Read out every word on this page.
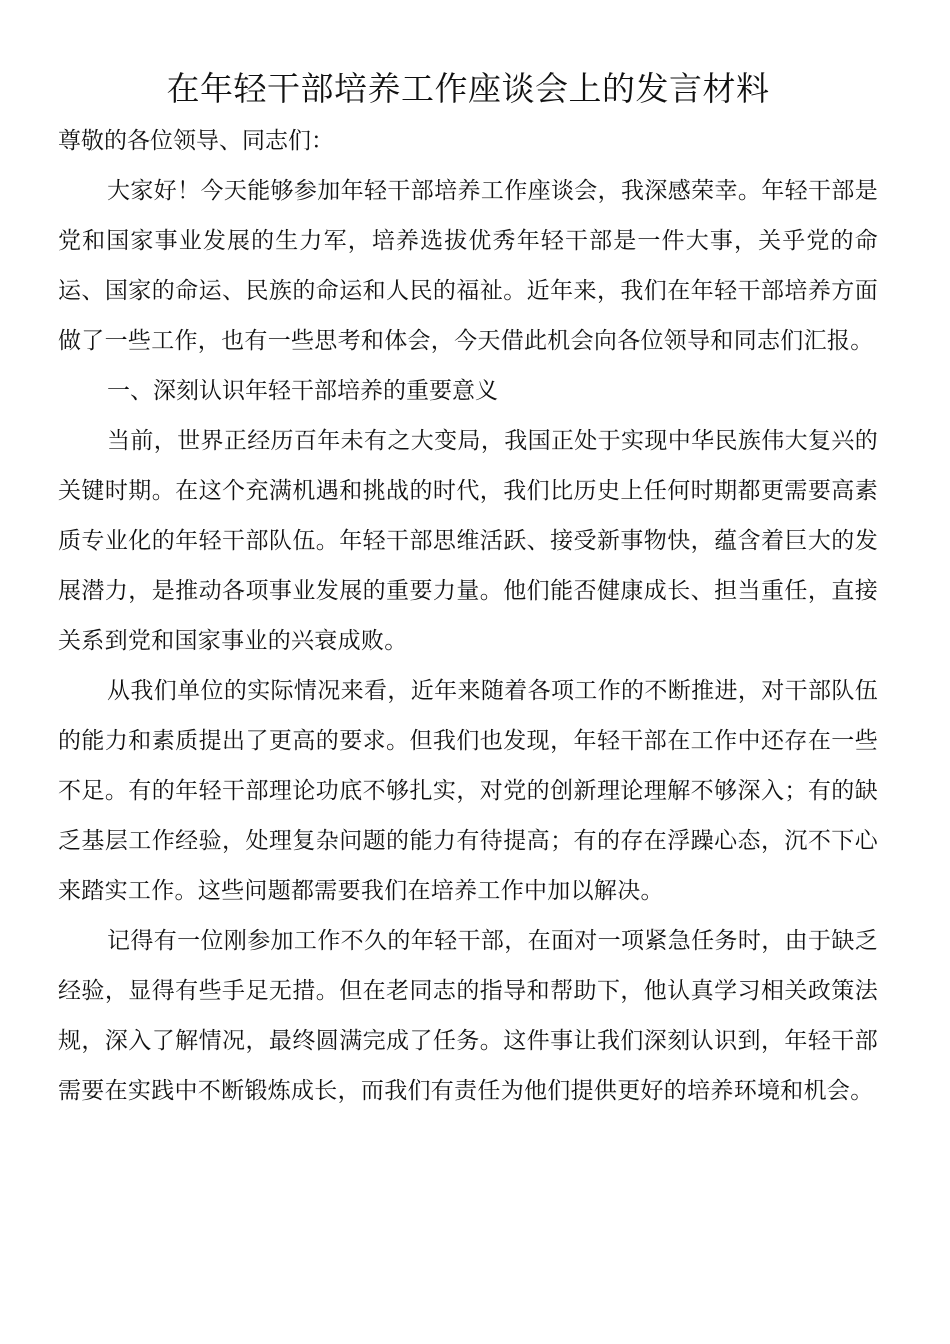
在年轻干部培养工作座谈会上的发言材料

尊敬的各位领导、同志们：

大家好！今天能够参加年轻干部培养工作座谈会，我深感荣幸。年轻干部是党和国家事业发展的生力军，培养选拔优秀年轻干部是一件大事，关乎党的命运、国家的命运、民族的命运和人民的福祉。近年来，我们在年轻干部培养方面做了一些工作，也有一些思考和体会，今天借此机会向各位领导和同志们汇报。

一、深刻认识年轻干部培养的重要意义

当前，世界正经历百年未有之大变局，我国正处于实现中华民族伟大复兴的关键时期。在这个充满机遇和挑战的时代，我们比历史上任何时期都更需要高素质专业化的年轻干部队伍。年轻干部思维活跃、接受新事物快，蕴含着巨大的发展潜力，是推动各项事业发展的重要力量。他们能否健康成长、担当重任，直接关系到党和国家事业的兴衰成败。

从我们单位的实际情况来看，近年来随着各项工作的不断推进，对干部队伍的能力和素质提出了更高的要求。但我们也发现，年轻干部在工作中还存在一些不足。有的年轻干部理论功底不够扎实，对党的创新理论理解不够深入；有的缺乏基层工作经验，处理复杂问题的能力有待提高；有的存在浮躁心态，沉不下心来踏实工作。这些问题都需要我们在培养工作中加以解决。

记得有一位刚参加工作不久的年轻干部，在面对一项紧急任务时，由于缺乏经验，显得有些手足无措。但在老同志的指导和帮助下，他认真学习相关政策法规，深入了解情况，最终圆满完成了任务。这件事让我们深刻认识到，年轻干部需要在实践中不断锻炼成长，而我们有责任为他们提供更好的培养环境和机会。
